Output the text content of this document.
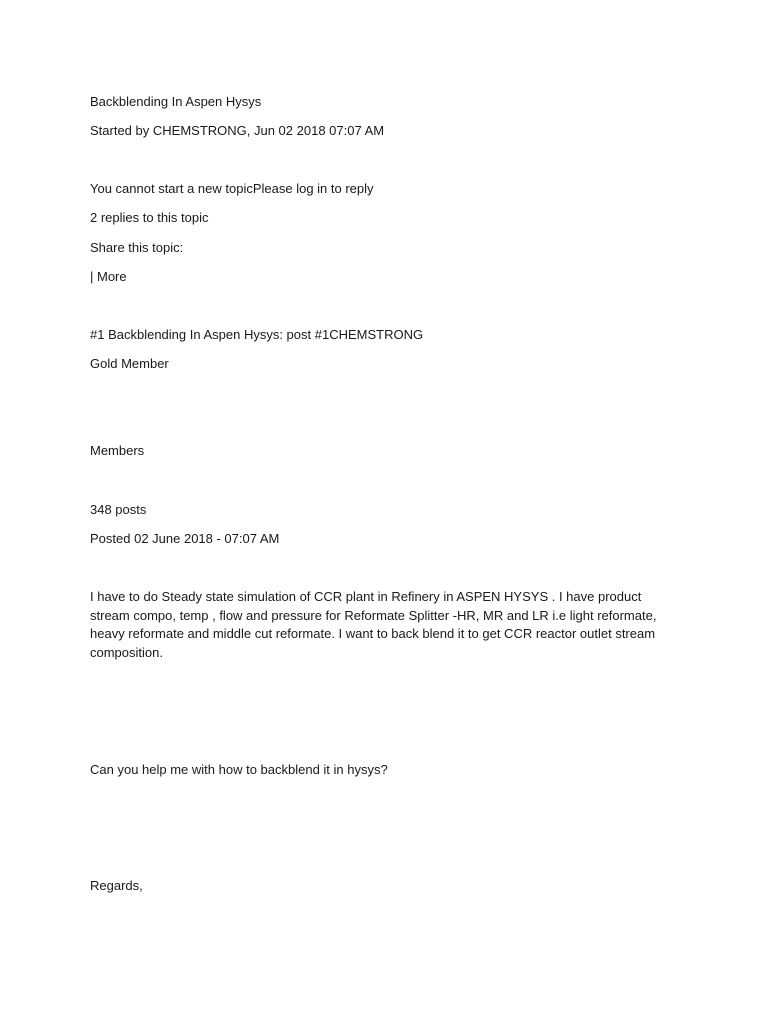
Backblending In Aspen Hysys
Started by CHEMSTRONG, Jun 02 2018 07:07 AM
You cannot start a new topicPlease log in to reply
2 replies to this topic
Share this topic:
| More
#1 Backblending In Aspen Hysys: post #1CHEMSTRONG
Gold Member
Members
348 posts
Posted 02 June 2018 - 07:07 AM
I have to do Steady state simulation of CCR plant in Refinery in ASPEN HYSYS . I have product stream compo, temp , flow and pressure for Reformate Splitter -HR, MR and LR i.e light reformate, heavy reformate and middle cut reformate. I want to back blend it to get CCR reactor outlet stream composition.
Can you help me with how to backblend it in hysys?
Regards,
